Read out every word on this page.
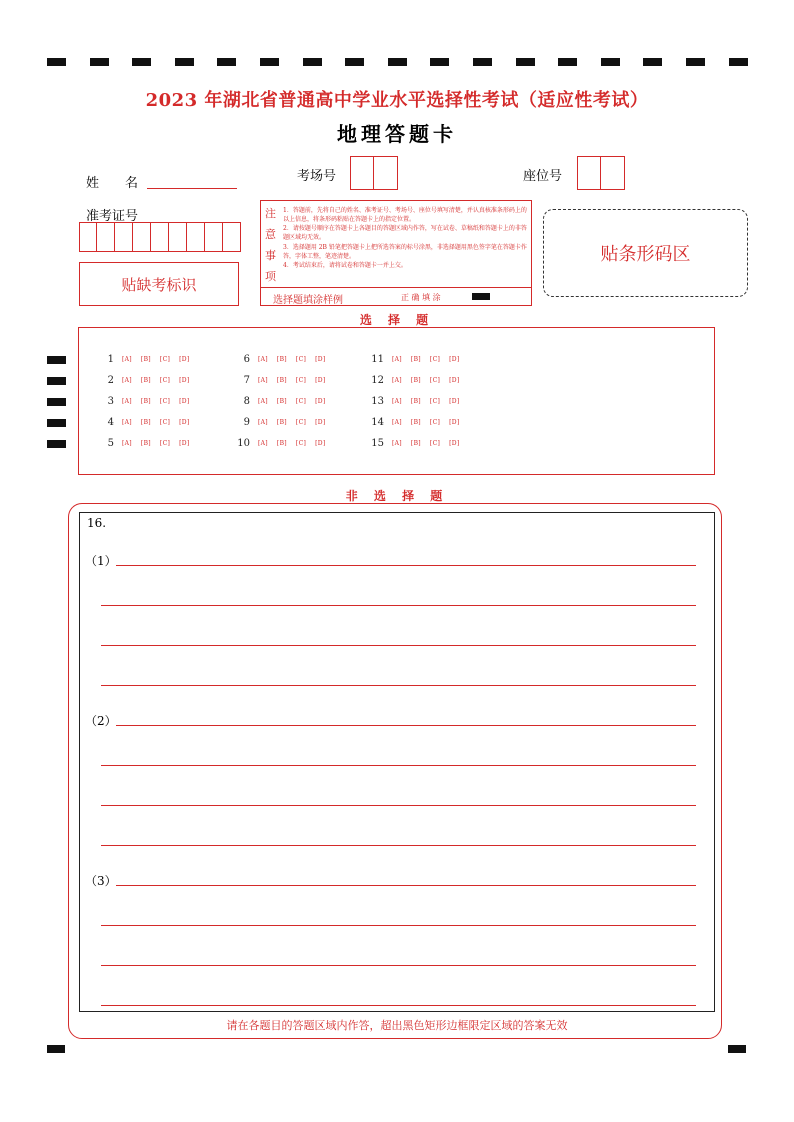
2023 年湖北省普通高中学业水平选择性考试（适应性考试）
地理答题卡
姓　　名	考场号	座位号
准考证号
贴缺考标识
注
意
事
项
1．答题前，先将自己的姓名、准考证号、考场号、座位号填写清楚，并认真核准条形码上的以上信息，将条形码粘贴在答题卡上的指定位置。
2．请按题号顺序在答题卡上各题目的答题区域内作答，写在试卷、草稿纸和答题卡上的非答题区域均无效。
3．选择题用 2B 铅笔把答题卡上把所选答案的标号涂黑，非选择题用黑色签字笔在答题卡作答，字体工整，笔迹清楚。
4．考试结束后，请将试卷和答题卡一并上交。
选择题填涂样例	正 确 填 涂
贴条形码区
选 择 题
1 [A] [B] [C] [D]
2 [A] [B] [C] [D]
3 [A] [B] [C] [D]
4 [A] [B] [C] [D]
5 [A] [B] [C] [D]
6 [A] [B] [C] [D]
7 [A] [B] [C] [D]
8 [A] [B] [C] [D]
9 [A] [B] [C] [D]
10 [A] [B] [C] [D]
11 [A] [B] [C] [D]
12 [A] [B] [C] [D]
13 [A] [B] [C] [D]
14 [A] [B] [C] [D]
15 [A] [B] [C] [D]
非 选 择 题
16.
（1）
（2）
（3）
请在各题目的答题区域内作答，超出黑色矩形边框限定区域的答案无效
